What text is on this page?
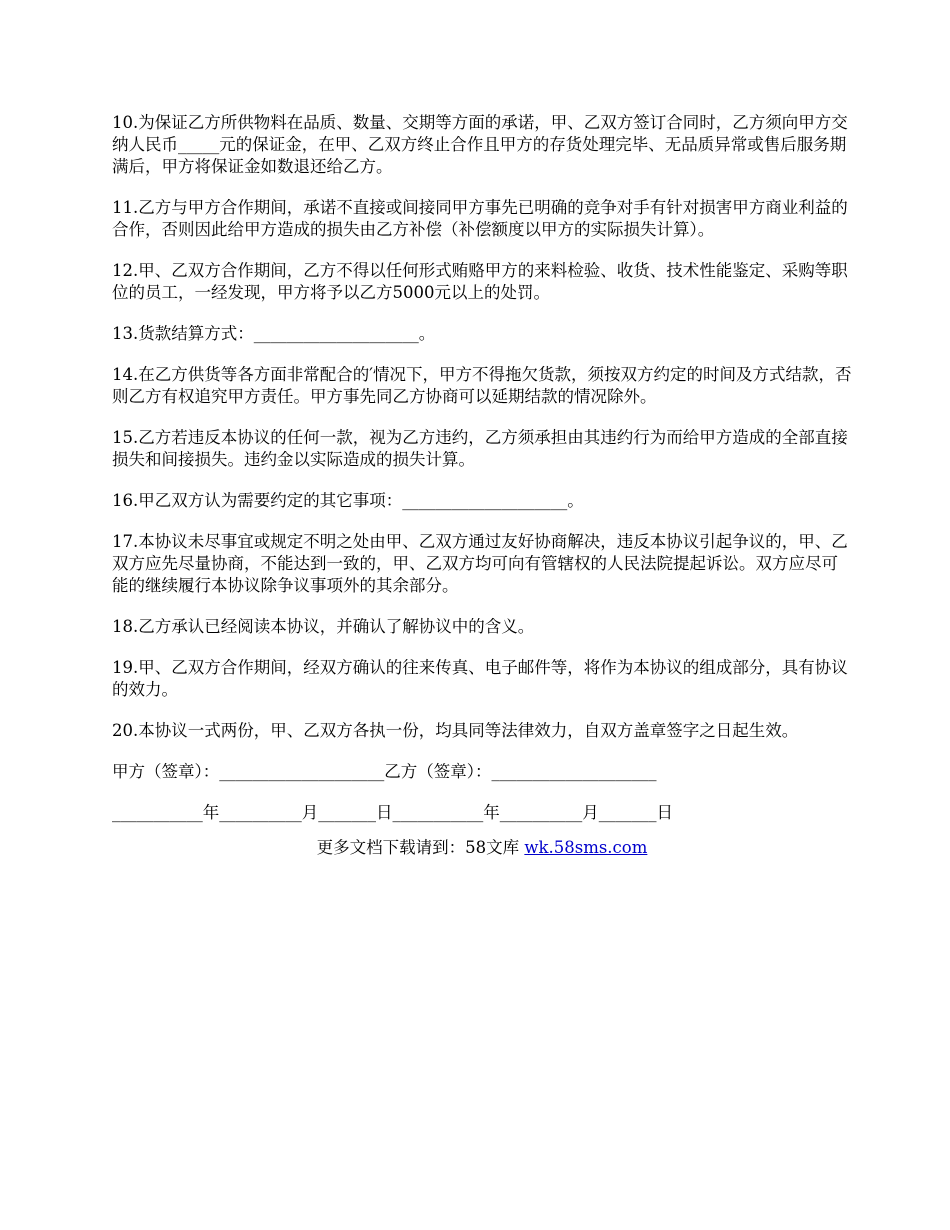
10.为保证乙方所供物料在品质、数量、交期等方面的承诺，甲、乙双方签订合同时，乙方须向甲方交纳人民币_____元的保证金，在甲、乙双方终止合作且甲方的存货处理完毕、无品质异常或售后服务期满后，甲方将保证金如数退还给乙方。

11.乙方与甲方合作期间，承诺不直接或间接同甲方事先已明确的竞争对手有针对损害甲方商业利益的合作，否则因此给甲方造成的损失由乙方补偿（补偿额度以甲方的实际损失计算）。

12.甲、乙双方合作期间，乙方不得以任何形式贿赂甲方的来料检验、收货、技术性能鉴定、采购等职位的员工，一经发现，甲方将予以乙方5000元以上的处罚。

13.货款结算方式：____________________。

14.在乙方供货等各方面非常配合的′情况下，甲方不得拖欠货款，须按双方约定的时间及方式结款，否则乙方有权追究甲方责任。甲方事先同乙方协商可以延期结款的情况除外。

15.乙方若违反本协议的任何一款，视为乙方违约，乙方须承担由其违约行为而给甲方造成的全部直接损失和间接损失。违约金以实际造成的损失计算。

16.甲乙双方认为需要约定的其它事项：____________________。

17.本协议未尽事宜或规定不明之处由甲、乙双方通过友好协商解决，违反本协议引起争议的，甲、乙双方应先尽量协商，不能达到一致的，甲、乙双方均可向有管辖权的人民法院提起诉讼。双方应尽可能的继续履行本协议除争议事项外的其余部分。

18.乙方承认已经阅读本协议，并确认了解协议中的含义。

19.甲、乙双方合作期间，经双方确认的往来传真、电子邮件等，将作为本协议的组成部分，具有协议的效力。

20.本协议一式两份，甲、乙双方各执一份，均具同等法律效力，自双方盖章签字之日起生效。

甲方（签章）：____________________乙方（签章）：____________________
___________年__________月_______日___________年__________月_______日

更多文档下载请到：58文库 wk.58sms.com
